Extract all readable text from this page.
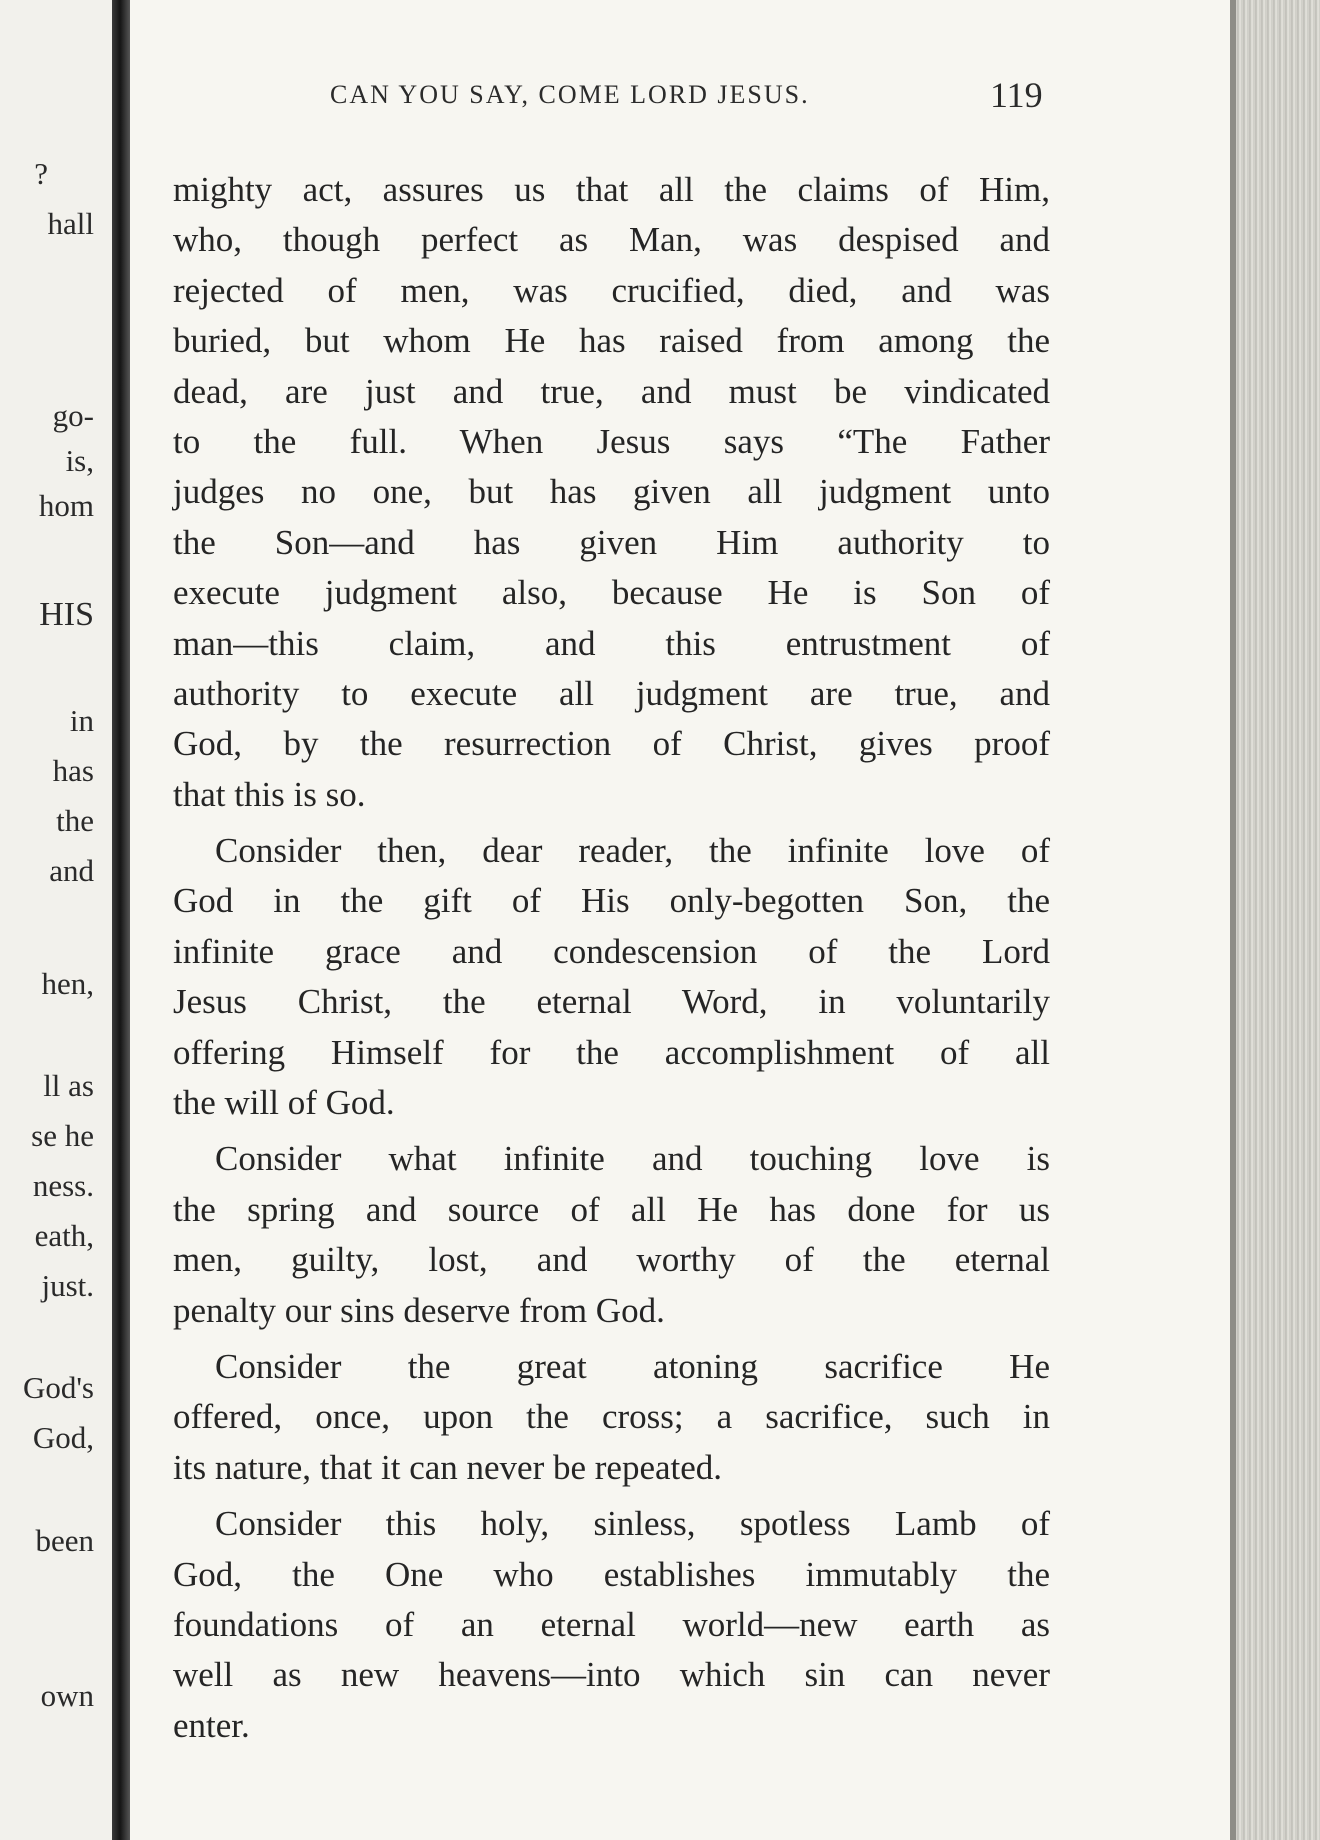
?
hall
go-
is,
hom
HIS
in
has
the
and
hen,
ll as
se he
ness.
eath,
just.
God's
God,
been
own
CAN YOU SAY, COME LORD JESUS.	119
mighty act, assures us that all the claims of Him,
who, though perfect as Man, was despised and
rejected of men, was crucified, died, and was
buried, but whom He has raised from among the
dead, are just and true, and must be vindicated
to the full. When Jesus says “The Father
judges no one, but has given all judgment unto
the Son—and has given Him authority to
execute judgment also, because He is Son of
man—this claim, and this entrustment of
authority to execute all judgment are true, and
God, by the resurrection of Christ, gives proof
that this is so.
Consider then, dear reader, the infinite love of
God in the gift of His only-begotten Son, the
infinite grace and condescension of the Lord
Jesus Christ, the eternal Word, in voluntarily
offering Himself for the accomplishment of all
the will of God.
Consider what infinite and touching love is
the spring and source of all He has done for us
men, guilty, lost, and worthy of the eternal
penalty our sins deserve from God.
Consider the great atoning sacrifice He
offered, once, upon the cross; a sacrifice, such in
its nature, that it can never be repeated.
Consider this holy, sinless, spotless Lamb of
God, the One who establishes immutably the
foundations of an eternal world—new earth as
well as new heavens—into which sin can never
enter.
